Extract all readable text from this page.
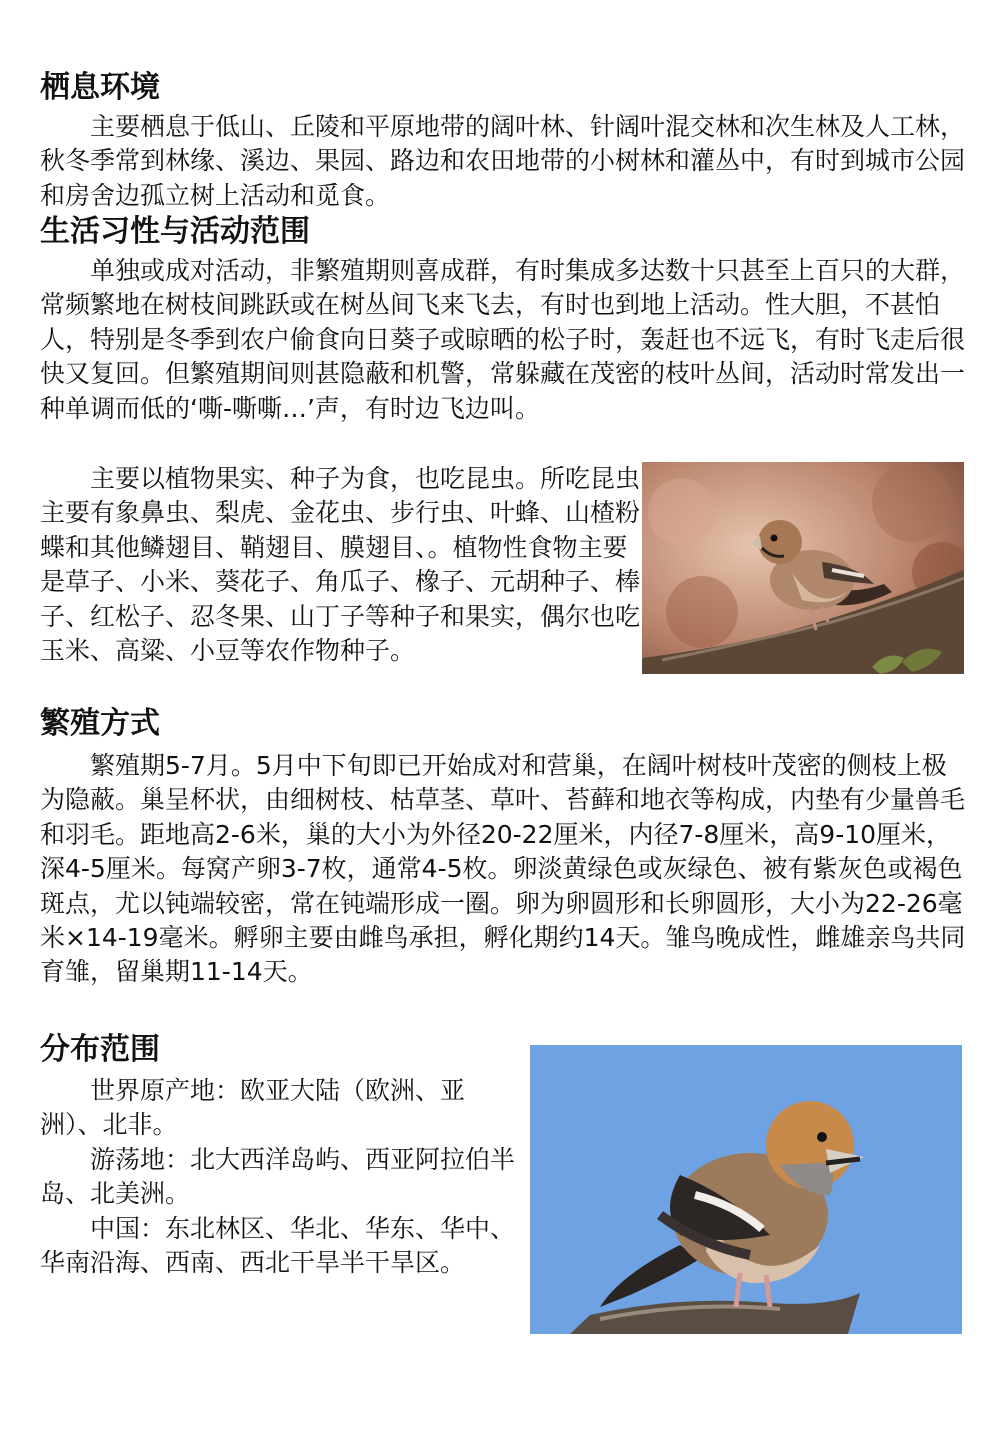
栖息环境

主要栖息于低山、丘陵和平原地带的阔叶林、针阔叶混交林和次生林及人工林，秋冬季常到林缘、溪边、果园、路边和农田地带的小树林和灌丛中，有时到城市公园和房舍边孤立树上活动和觅食。

生活习性与活动范围

单独或成对活动，非繁殖期则喜成群，有时集成多达数十只甚至上百只的大群，常频繁地在树枝间跳跃或在树丛间飞来飞去，有时也到地上活动。性大胆，不甚怕人，特别是冬季到农户偷食向日葵子或晾晒的松子时，轰赶也不远飞，有时飞走后很快又复回。但繁殖期间则甚隐蔽和机警，常躲藏在茂密的枝叶丛间，活动时常发出一种单调而低的‘嘶-嘶嘶…’声，有时边飞边叫。

主要以植物果实、种子为食，也吃昆虫。所吃昆虫主要有象鼻虫、梨虎、金花虫、步行虫、叶蜂、山楂粉蝶和其他鳞翅目、鞘翅目、膜翅目、。植物性食物主要是草子、小米、葵花子、角瓜子、橡子、元胡种子、棒子、红松子、忍冬果、山丁子等种子和果实，偶尔也吃玉米、高粱、小豆等农作物种子。

繁殖方式

繁殖期5-7月。5月中下旬即已开始成对和营巢，在阔叶树枝叶茂密的侧枝上极为隐蔽。巢呈杯状，由细树枝、枯草茎、草叶、苔藓和地衣等构成，内垫有少量兽毛和羽毛。距地高2-6米，巢的大小为外径20-22厘米，内径7-8厘米，高9-10厘米，深4-5厘米。每窝产卵3-7枚，通常4-5枚。卵淡黄绿色或灰绿色、被有紫灰色或褐色斑点，尤以钝端较密，常在钝端形成一圈。卵为卵圆形和长卵圆形，大小为22-26毫米×14-19毫米。孵卵主要由雌鸟承担，孵化期约14天。雏鸟晚成性，雌雄亲鸟共同育雏，留巢期11-14天。

分布范围

世界原产地：欧亚大陆（欧洲、亚洲）、北非。

游荡地：北大西洋岛屿、西亚阿拉伯半岛、北美洲。

中国：东北林区、华北、华东、华中、华南沿海、西南、西北干旱半干旱区。
